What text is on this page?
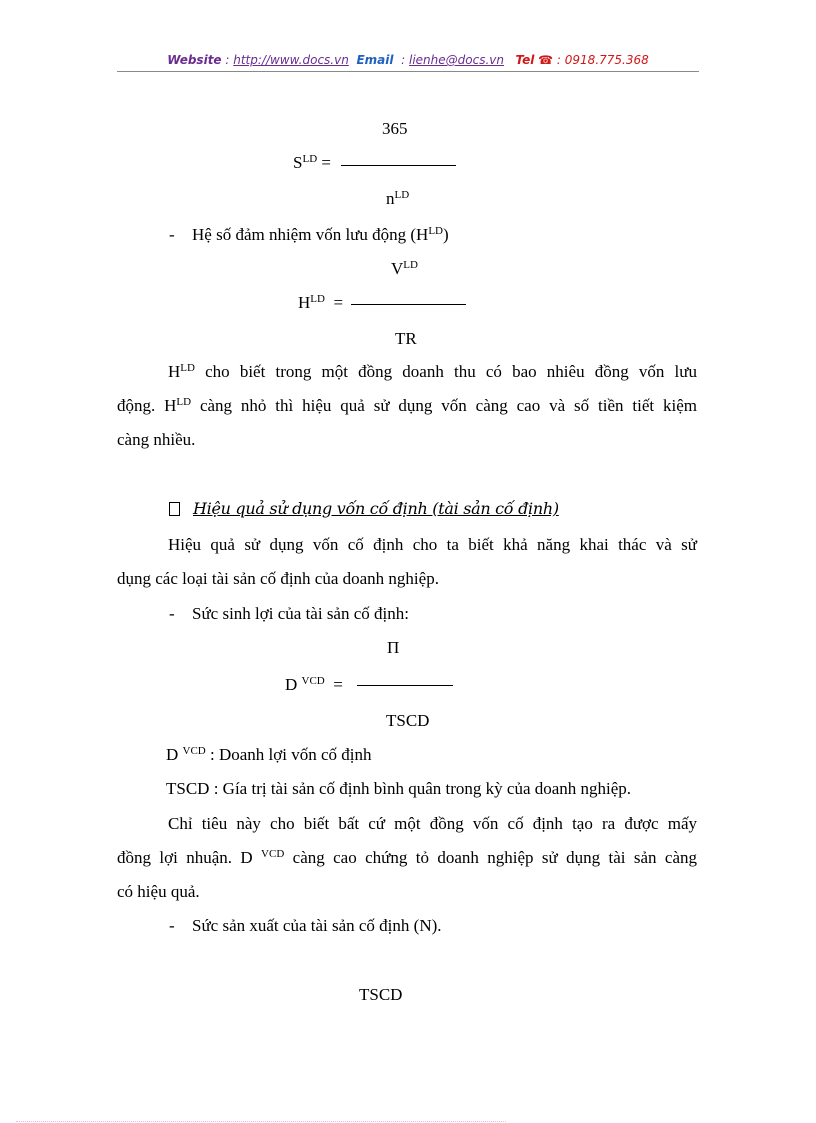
Website : http://www.docs.vn Email  : lienhe@docs.vn Tel ☎ : 0918.775.368
365
$S^{LD}$ =
$n^{LD}$
- Hệ số đảm nhiệm vốn lưu động $(H^{LD})$
$V^{LD}$
$H^{LD}$ =
TR
$H^{LD}$ cho biết trong một đồng doanh thu có bao nhiêu đồng vốn lưu
động. $H^{LD}$ càng nhỏ thì hiệu quả sử dụng vốn càng cao và số tiền tiết kiệm
càng nhiều.
Hiệu quả sử dụng vốn cố định (tài sản cố định)
Hiệu quả sử dụng vốn cố định cho ta biết khả năng khai thác và sử
dụng các loại tài sản cố định của doanh nghiệp.
- Sức sinh lợi của tài sản cố định:
Π
D $^{VCD}$ =
TSCD
D $^{VCD}$ : Doanh lợi vốn cố định
TSCD : Gía trị tài sản cố định bình quân trong kỳ của doanh nghiệp.
Chỉ tiêu này cho biết bất cứ một đồng vốn cố định tạo ra được mấy
đồng lợi nhuận. D $^{VCD}$ càng cao chứng tỏ doanh nghiệp sử dụng tài sản càng
có hiệu quả.
- Sức sản xuất của tài sản cố định (N).
TSCD
